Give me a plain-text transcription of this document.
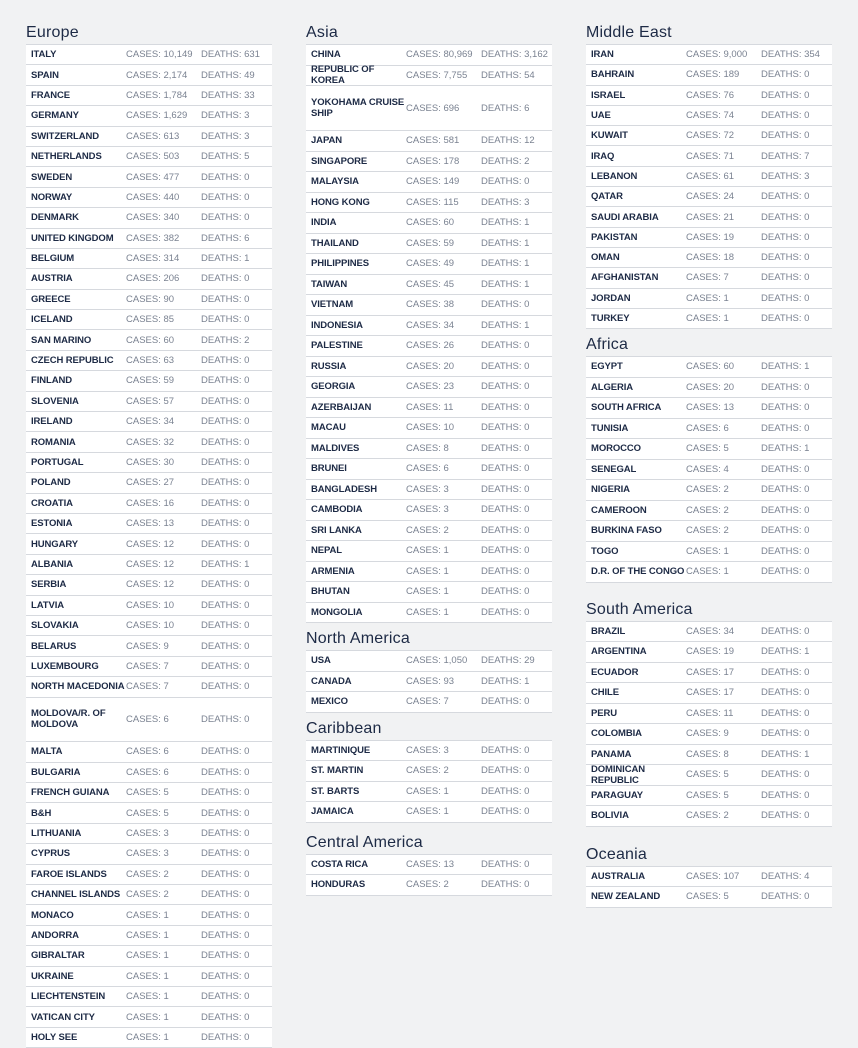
Europe
ITALY	CASES: 10,149 DEATHS: 631
SPAIN	CASES: 2,174	DEATHS: 49
FRANCE	CASES: 1,784	DEATHS: 33
GERMANY	CASES: 1,629	DEATHS: 3
SWITZERLAND	CASES: 613	DEATHS: 3
NETHERLANDS	CASES: 503	DEATHS: 5
SWEDEN	CASES: 477	DEATHS: 0
NORWAY	CASES: 440	DEATHS: 0
DENMARK	CASES: 340	DEATHS: 0
UNITED KINGDOM	CASES: 382	DEATHS: 6
BELGIUM	CASES: 314	DEATHS: 1
AUSTRIA	CASES: 206	DEATHS: 0
GREECE	CASES: 90	DEATHS: 0
ICELAND	CASES: 85	DEATHS: 0
SAN MARINO	CASES: 60	DEATHS: 2
CZECH REPUBLIC	CASES: 63	DEATHS: 0
FINLAND	CASES: 59	DEATHS: 0
SLOVENIA	CASES: 57	DEATHS: 0
IRELAND	CASES: 34	DEATHS: 0
ROMANIA	CASES: 32	DEATHS: 0
PORTUGAL	CASES: 30	DEATHS: 0
POLAND	CASES: 27	DEATHS: 0
CROATIA	CASES: 16	DEATHS: 0
ESTONIA	CASES: 13	DEATHS: 0
HUNGARY	CASES: 12	DEATHS: 0
ALBANIA	CASES: 12	DEATHS: 1
SERBIA	CASES: 12	DEATHS: 0
LATVIA	CASES: 10	DEATHS: 0
SLOVAKIA	CASES: 10	DEATHS: 0
BELARUS	CASES: 9	DEATHS: 0
LUXEMBOURG	CASES: 7	DEATHS: 0
NORTH MACEDONIA CASES: 7	DEATHS: 0
MOLDOVA/R. OF MOLDOVA	CASES: 6	DEATHS: 0
MALTA	CASES: 6	DEATHS: 0
BULGARIA	CASES: 6	DEATHS: 0
FRENCH GUIANA	CASES: 5	DEATHS: 0
B&H	CASES: 5	DEATHS: 0
LITHUANIA	CASES: 3	DEATHS: 0
CYPRUS	CASES: 3	DEATHS: 0
FAROE ISLANDS	CASES: 2	DEATHS: 0
CHANNEL ISLANDS CASES: 2	DEATHS: 0
MONACO	CASES: 1	DEATHS: 0
ANDORRA	CASES: 1	DEATHS: 0
GIBRALTAR	CASES: 1	DEATHS: 0
UKRAINE	CASES: 1	DEATHS: 0
LIECHTENSTEIN	CASES: 1	DEATHS: 0
VATICAN CITY	CASES: 1	DEATHS: 0
HOLY SEE	CASES: 1	DEATHS: 0
Asia
CHINA	CASES: 80,969 DEATHS: 3,162
REPUBLIC OF KOREA	CASES: 7,755	DEATHS: 54
YOKOHAMA CRUISE SHIP	CASES: 696	DEATHS: 6
JAPAN	CASES: 581	DEATHS: 12
SINGAPORE	CASES: 178	DEATHS: 2
MALAYSIA	CASES: 149	DEATHS: 0
HONG KONG	CASES: 115	DEATHS: 3
INDIA	CASES: 60	DEATHS: 1
THAILAND	CASES: 59	DEATHS: 1
PHILIPPINES	CASES: 49	DEATHS: 1
TAIWAN	CASES: 45	DEATHS: 1
VIETNAM	CASES: 38	DEATHS: 0
INDONESIA	CASES: 34	DEATHS: 1
PALESTINE	CASES: 26	DEATHS: 0
RUSSIA	CASES: 20	DEATHS: 0
GEORGIA	CASES: 23	DEATHS: 0
AZERBAIJAN	CASES: 11	DEATHS: 0
MACAU	CASES: 10	DEATHS: 0
MALDIVES	CASES: 8	DEATHS: 0
BRUNEI	CASES: 6	DEATHS: 0
BANGLADESH	CASES: 3	DEATHS: 0
CAMBODIA	CASES: 3	DEATHS: 0
SRI LANKA	CASES: 2	DEATHS: 0
NEPAL	CASES: 1	DEATHS: 0
ARMENIA	CASES: 1	DEATHS: 0
BHUTAN	CASES: 1	DEATHS: 0
MONGOLIA	CASES: 1	DEATHS: 0
North America
USA	CASES: 1,050	DEATHS: 29
CANADA	CASES: 93	DEATHS: 1
MEXICO	CASES: 7	DEATHS: 0
Caribbean
MARTINIQUE	CASES: 3	DEATHS: 0
ST. MARTIN	CASES: 2	DEATHS: 0
ST. BARTS	CASES: 1	DEATHS: 0
JAMAICA	CASES: 1	DEATHS: 0
Central America
COSTA RICA	CASES: 13	DEATHS: 0
HONDURAS	CASES: 2	DEATHS: 0
Middle East
IRAN	CASES: 9,000	DEATHS: 354
BAHRAIN	CASES: 189	DEATHS: 0
ISRAEL	CASES: 76	DEATHS: 0
UAE	CASES: 74	DEATHS: 0
KUWAIT	CASES: 72	DEATHS: 0
IRAQ	CASES: 71	DEATHS: 7
LEBANON	CASES: 61	DEATHS: 3
QATAR	CASES: 24	DEATHS: 0
SAUDI ARABIA	CASES: 21	DEATHS: 0
PAKISTAN	CASES: 19	DEATHS: 0
OMAN	CASES: 18	DEATHS: 0
AFGHANISTAN	CASES: 7	DEATHS: 0
JORDAN	CASES: 1	DEATHS: 0
TURKEY	CASES: 1	DEATHS: 0
Africa
EGYPT	CASES: 60	DEATHS: 1
ALGERIA	CASES: 20	DEATHS: 0
SOUTH AFRICA	CASES: 13	DEATHS: 0
TUNISIA	CASES: 6	DEATHS: 0
MOROCCO	CASES: 5	DEATHS: 1
SENEGAL	CASES: 4	DEATHS: 0
NIGERIA	CASES: 2	DEATHS: 0
CAMEROON	CASES: 2	DEATHS: 0
BURKINA FASO	CASES: 2	DEATHS: 0
TOGO	CASES: 1	DEATHS: 0
D.R. OF THE CONGO CASES: 1	DEATHS: 0
South America
BRAZIL	CASES: 34	DEATHS: 0
ARGENTINA	CASES: 19	DEATHS: 1
ECUADOR	CASES: 17	DEATHS: 0
CHILE	CASES: 17	DEATHS: 0
PERU	CASES: 11	DEATHS: 0
COLOMBIA	CASES: 9	DEATHS: 0
PANAMA	CASES: 8	DEATHS: 1
DOMINICAN REPUBLIC	CASES: 5	DEATHS: 0
PARAGUAY	CASES: 5	DEATHS: 0
BOLIVIA	CASES: 2	DEATHS: 0
Oceania
AUSTRALIA	CASES: 107	DEATHS: 4
NEW ZEALAND	CASES: 5	DEATHS: 0
